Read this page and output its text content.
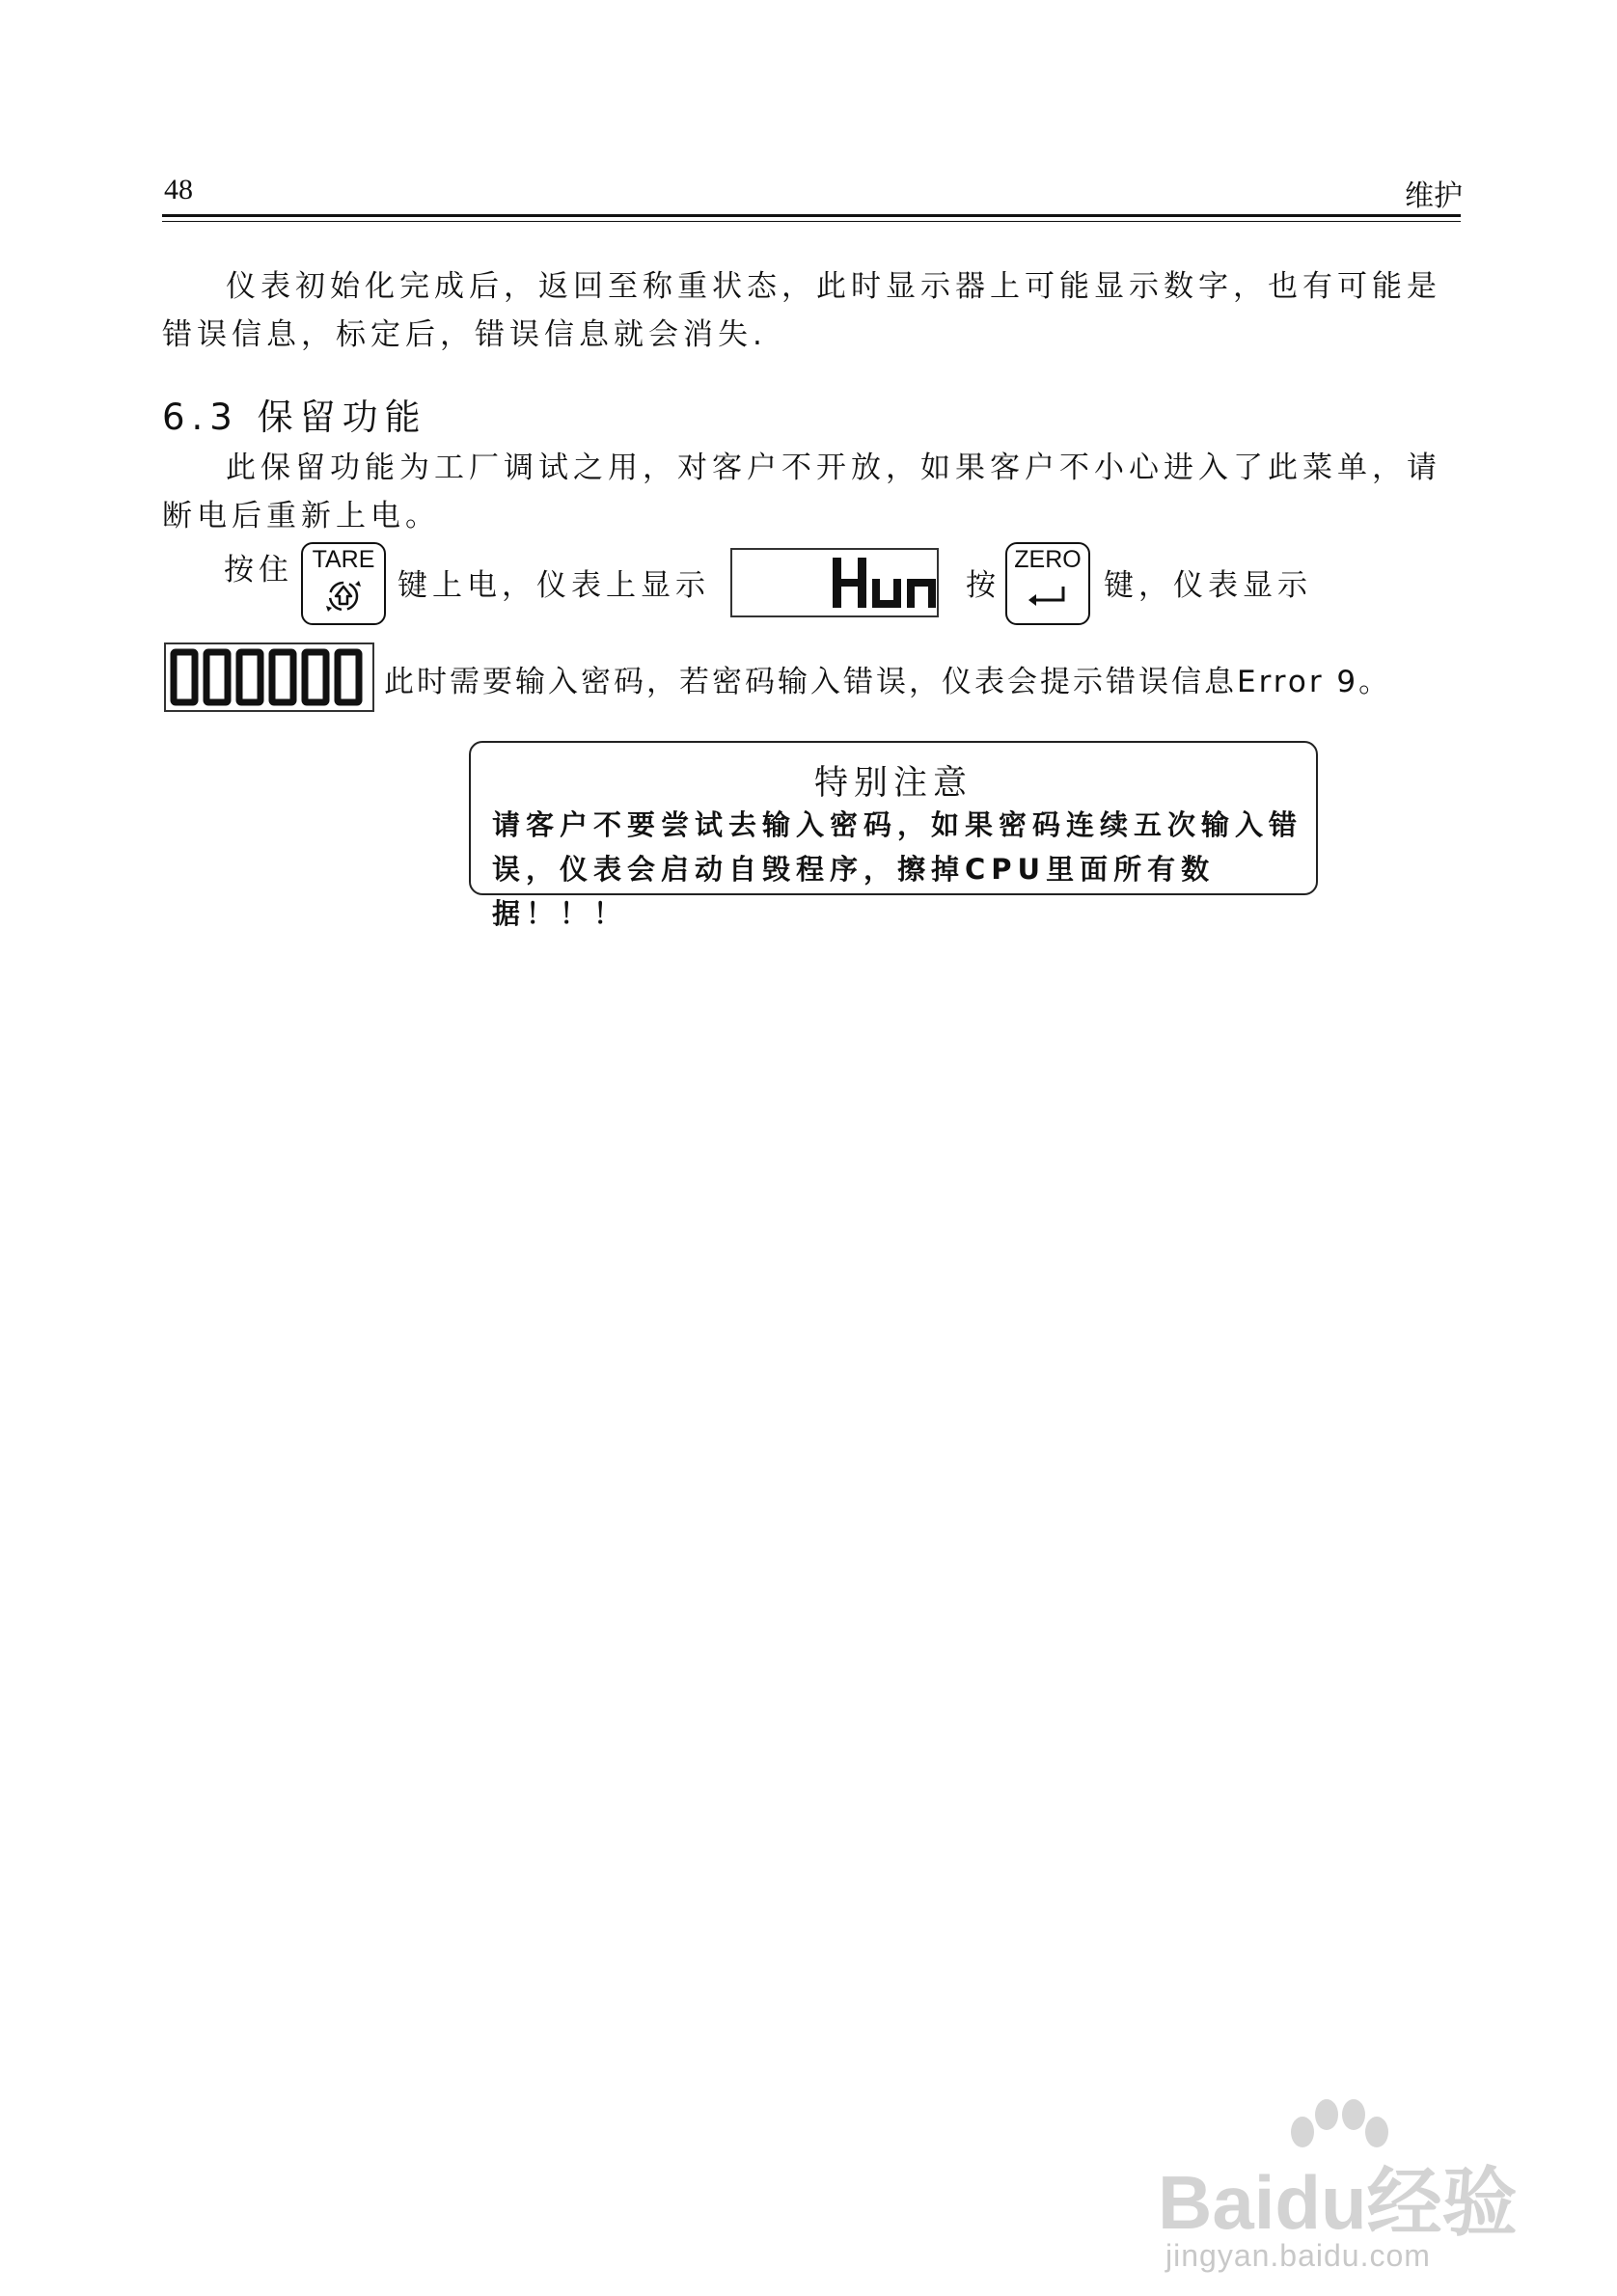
48	维护
仪表初始化完成后，返回至称重状态，此时显示器上可能显示数字，也有可能是错误信息，标定后，错误信息就会消失.
6.3 保留功能
此保留功能为工厂调试之用，对客户不开放，如果客户不小心进入了此菜单，请断电后重新上电。
按住 TARE
键上电，仪表上显示	按
ZERO
键，仪表显示
此时需要输入密码，若密码输入错误，仪表会提示错误信息Error 9。
特别注意
请客户不要尝试去输入密码，如果密码连续五次输入错误，仪表会启动自毁程序，擦掉CPU里面所有数据！！！
Baidu经验
jingyan.baidu.com
